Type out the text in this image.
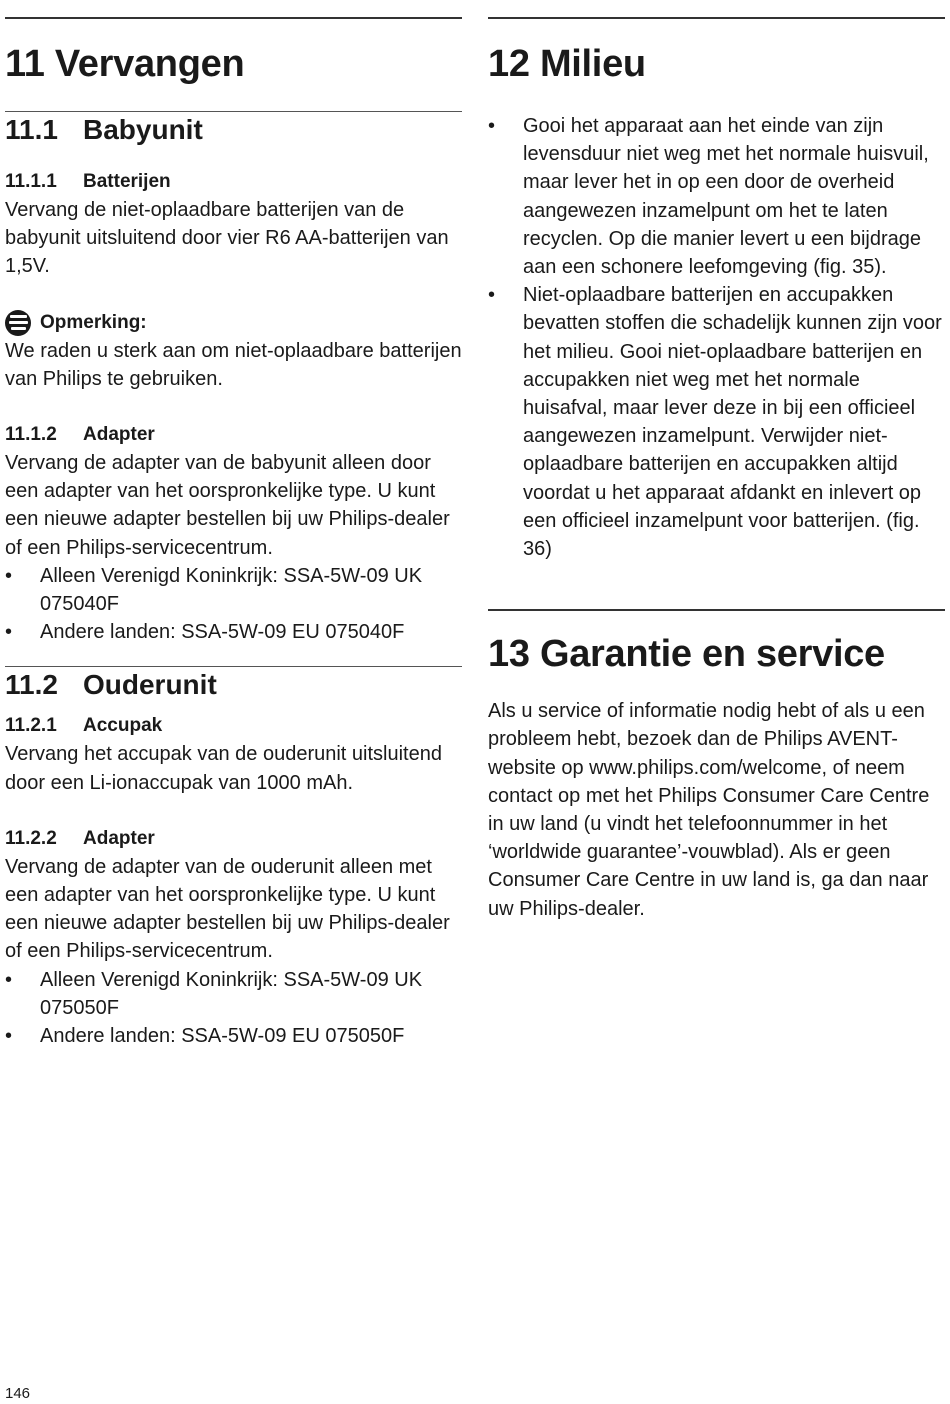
11 Vervangen
11.1 Babyunit
11.1.1 Batterijen

Vervang de niet-oplaadbare batterijen van de babyunit uitsluitend door vier R6 AA-batterijen van 1,5V.

Opmerking:

We raden u sterk aan om niet-oplaadbare batterijen van Philips te gebruiken.

11.1.2 Adapter

Vervang de adapter van de babyunit alleen door een adapter van het oorspronkelijke type. U kunt een nieuwe adapter bestellen bij uw Philips-dealer of een Philips-servicecentrum.

• Alleen Verenigd Koninkrijk: SSA-5W-09 UK 075040F
• Andere landen: SSA-5W-09 EU 075040F
11.2 Ouderunit
11.2.1 Accupak

Vervang het accupak van de ouderunit uitsluitend door een Li-ionaccupak van 1000 mAh.

11.2.2 Adapter

Vervang de adapter van de ouderunit alleen met een adapter van het oorspronkelijke type. U kunt een nieuwe adapter bestellen bij uw Philips-dealer of een Philips-servicecentrum.

• Alleen Verenigd Koninkrijk: SSA-5W-09 UK 075050F
• Andere landen: SSA-5W-09 EU 075050F
12 Milieu
• Gooi het apparaat aan het einde van zijn levensduur niet weg met het normale huisvuil, maar lever het in op een door de overheid aangewezen inzamelpunt om het te laten recyclen. Op die manier levert u een bijdrage aan een schonere leefomgeving (fig. 35).
• Niet-oplaadbare batterijen en accupakken bevatten stoffen die schadelijk kunnen zijn voor het milieu. Gooi niet-oplaadbare batterijen en accupakken niet weg met het normale huisafval, maar lever deze in bij een officieel aangewezen inzamelpunt. Verwijder niet-oplaadbare batterijen en accupakken altijd voordat u het apparaat afdankt en inlevert op een officieel inzamelpunt voor batterijen. (fig. 36)
13 Garantie en service

Als u service of informatie nodig hebt of als u een probleem hebt, bezoek dan de Philips AVENT-website op www.philips.com/welcome, of neem contact op met het Philips Consumer Care Centre in uw land (u vindt het telefoonnummer in het ‘worldwide guarantee’-vouwblad). Als er geen Consumer Care Centre in uw land is, ga dan naar uw Philips-dealer.

146
